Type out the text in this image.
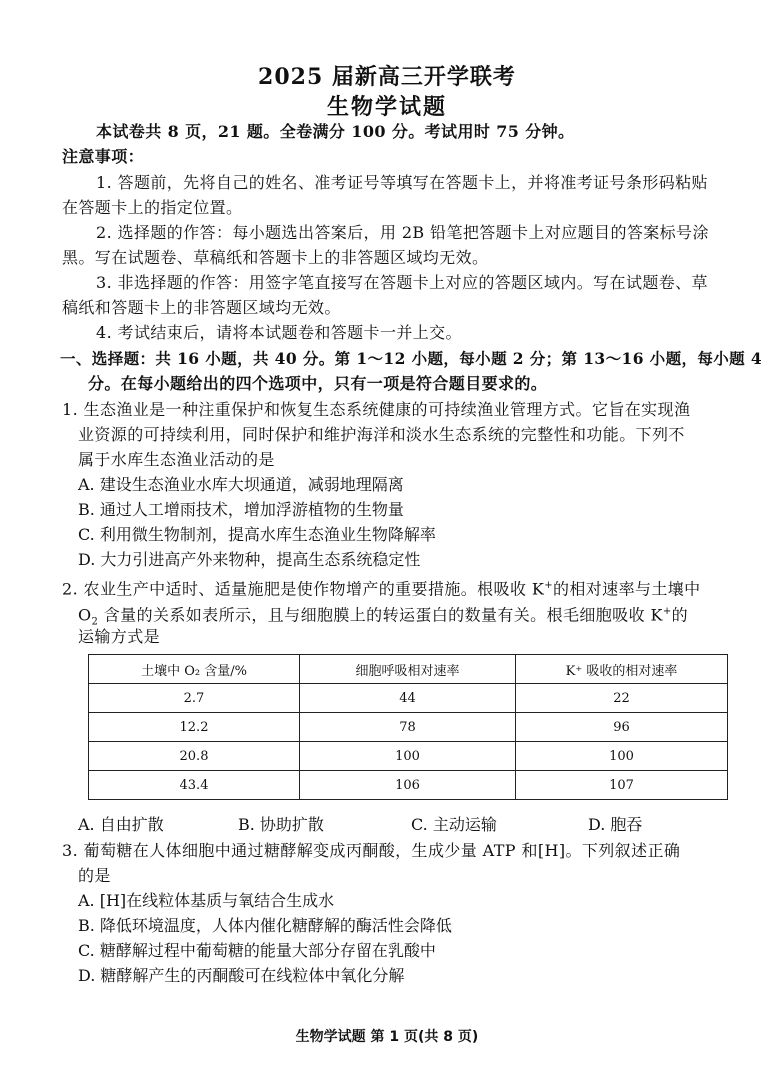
2025 届新高三开学联考
生物学试题
本试卷共 8 页，21 题。全卷满分 100 分。考试用时 75 分钟。
注意事项：
1. 答题前，先将自己的姓名、准考证号等填写在答题卡上，并将准考证号条形码粘贴
在答题卡上的指定位置。
2. 选择题的作答：每小题选出答案后，用 2B 铅笔把答题卡上对应题目的答案标号涂
黑。写在试题卷、草稿纸和答题卡上的非答题区域均无效。
3. 非选择题的作答：用签字笔直接写在答题卡上对应的答题区域内。写在试题卷、草
稿纸和答题卡上的非答题区域均无效。
4. 考试结束后，请将本试题卷和答题卡一并上交。
一、选择题：共 16 小题，共 40 分。第 1～12 小题，每小题 2 分；第 13～16 小题，每小题 4
分。在每小题给出的四个选项中，只有一项是符合题目要求的。
1. 生态渔业是一种注重保护和恢复生态系统健康的可持续渔业管理方式。它旨在实现渔
业资源的可持续利用，同时保护和维护海洋和淡水生态系统的完整性和功能。下列不
属于水库生态渔业活动的是
A. 建设生态渔业水库大坝通道，减弱地理隔离
B. 通过人工增雨技术，增加浮游植物的生物量
C. 利用微生物制剂，提高水库生态渔业生物降解率
D. 大力引进高产外来物种，提高生态系统稳定性
2. 农业生产中适时、适量施肥是使作物增产的重要措施。根吸收 K+的相对速率与土壤中
$O_2$ 含量的关系如表所示，且与细胞膜上的转运蛋白的数量有关。根毛细胞吸收 K+的
运输方式是
土壤中 O₂ 含量/%	细胞呼吸相对速率	K⁺ 吸收的相对速率
2.7	44	22
12.2	78	96
20.8	100	100
43.4	106	107
A. 自由扩散	B. 协助扩散	C. 主动运输	D. 胞吞
3. 葡萄糖在人体细胞中通过糖酵解变成丙酮酸，生成少量 ATP 和[H]。下列叙述正确
的是
A. [H]在线粒体基质与氧结合生成水
B. 降低环境温度，人体内催化糖酵解的酶活性会降低
C. 糖酵解过程中葡萄糖的能量大部分存留在乳酸中
D. 糖酵解产生的丙酮酸可在线粒体中氧化分解
生物学试题 第 1 页(共 8 页)
